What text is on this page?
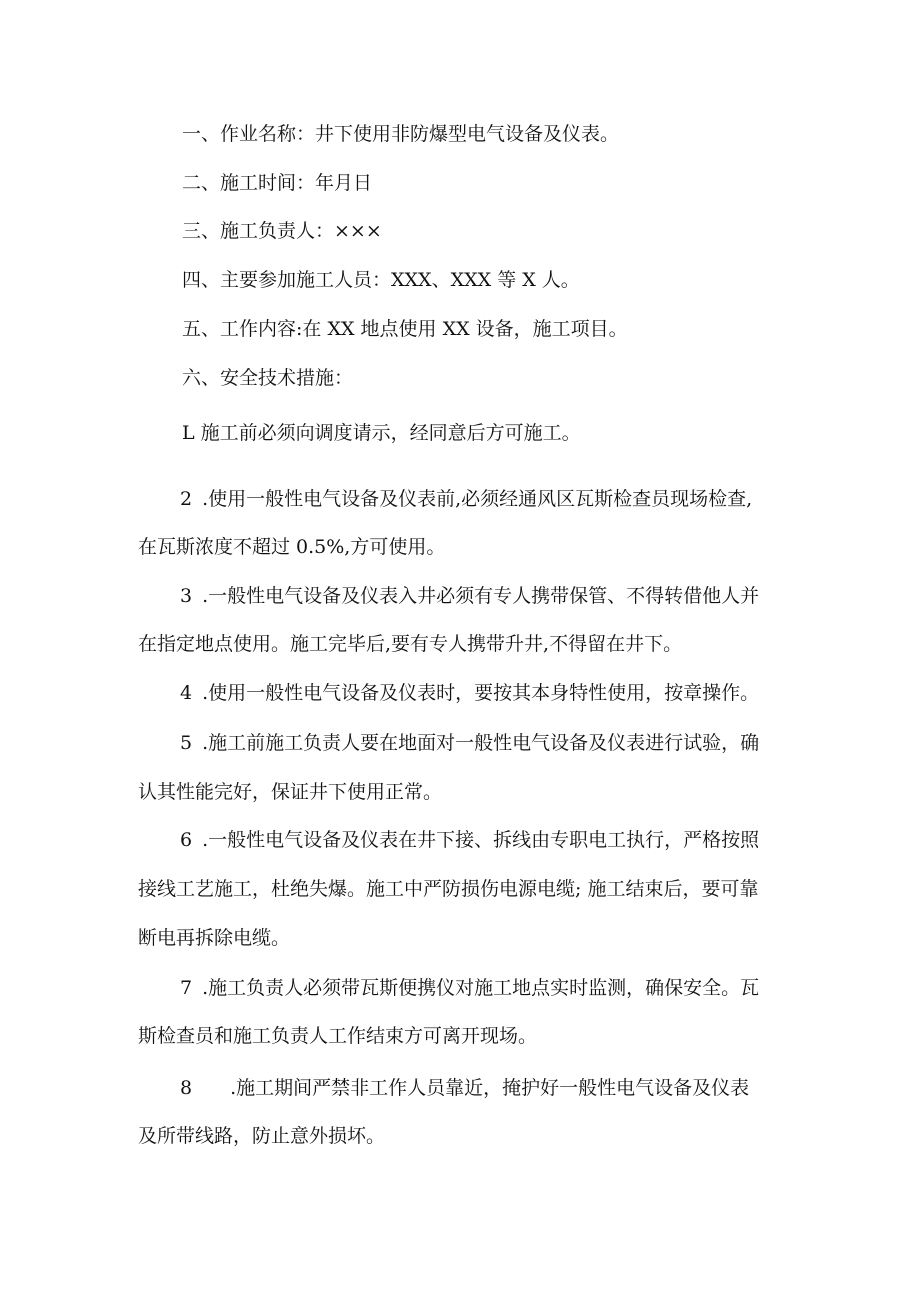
一、作业名称：井下使用非防爆型电气设备及仪表。

二、施工时间：年月日

三、施工负责人：×××

四、主要参加施工人员：XXX、XXX 等 X 人。

五、工作内容:在 XX 地点使用 XX 设备，施工项目。

六、安全技术措施：

L 施工前必须向调度请示，经同意后方可施工。

2 .使用一般性电气设备及仪表前,必须经通风区瓦斯检查员现场检查,

在瓦斯浓度不超过 0.5%,方可使用。

3 .一般性电气设备及仪表入井必须有专人携带保管、不得转借他人并

在指定地点使用。施工完毕后,要有专人携带升井,不得留在井下。

4 .使用一般性电气设备及仪表时，要按其本身特性使用，按章操作。

5 .施工前施工负责人要在地面对一般性电气设备及仪表进行试验，确

认其性能完好，保证井下使用正常。

6 .一般性电气设备及仪表在井下接、拆线由专职电工执行，严格按照

接线工艺施工，杜绝失爆。施工中严防损伤电源电缆; 施工结束后，要可靠

断电再拆除电缆。

7 .施工负责人必须带瓦斯便携仪对施工地点实时监测，确保安全。瓦

斯检查员和施工负责人工作结束方可离开现场。

8 .施工期间严禁非工作人员靠近，掩护好一般性电气设备及仪表

及所带线路，防止意外损坏。
